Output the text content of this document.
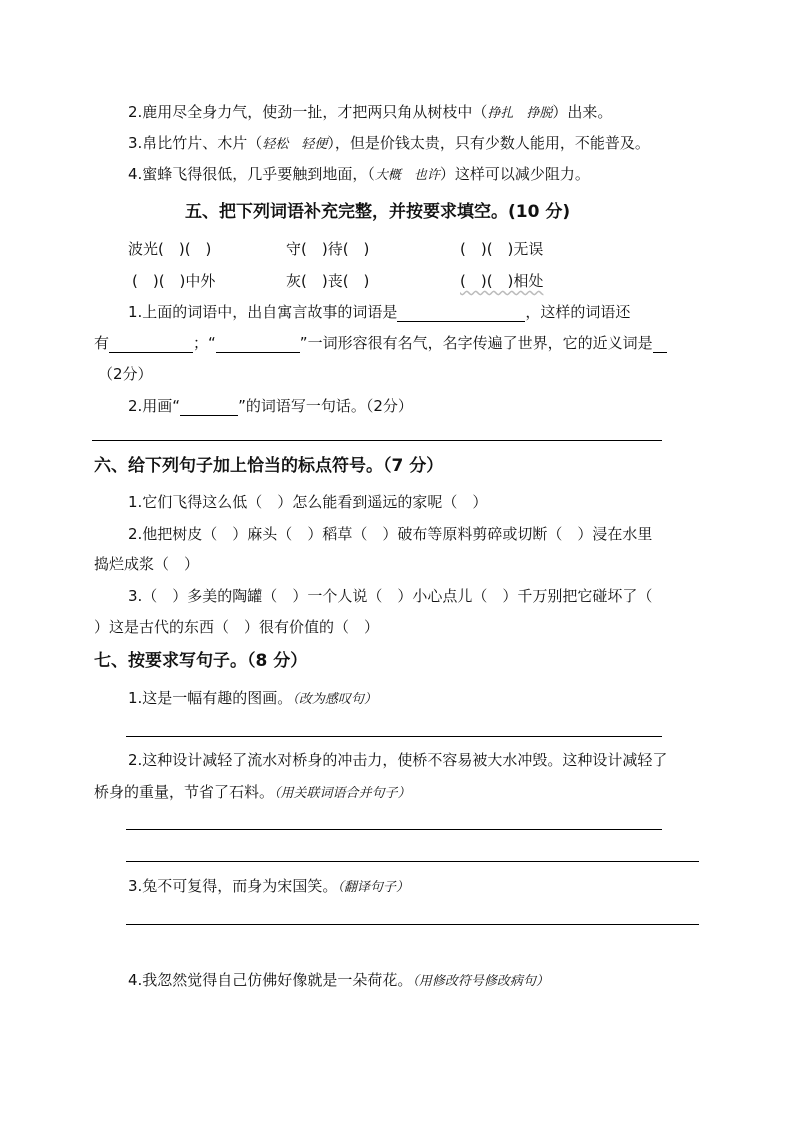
2.鹿用尽全身力气，使劲一扯，才把两只角从树枝中（挣扎　挣脱）出来。
3.帛比竹片、木片（轻松　轻便），但是价钱太贵，只有少数人能用，不能普及。
4.蜜蜂飞得很低，几乎要触到地面，（大概　也许）这样可以减少阻力。
五、把下列词语补充完整，并按要求填空。(10 分)
波光(　)(　)	守(　)待(　)	(　)(　)无误
(　)(　)中外	灰(　)丧(　)	(　)(　)相处
1.上面的词语中，出自寓言故事的词语是	，这样的词语还
有	；“	”一词形容很有名气，名字传遍了世界，它的近义词是
（2分）
2.用画“	”的词语写一句话。（2分）
六、给下列句子加上恰当的标点符号。（7 分）
1.它们飞得这么低（　）怎么能看到遥远的家呢（　）
2.他把树皮（　）麻头（　）稻草（　）破布等原料剪碎或切断（　）浸在水里
捣烂成浆（　）
3.（　）多美的陶罐（　）一个人说（　）小心点儿（　）千万别把它碰坏了（
）这是古代的东西（　）很有价值的（　）
七、按要求写句子。（8 分）
1.这是一幅有趣的图画。（改为感叹句）
2.这种设计减轻了流水对桥身的冲击力，使桥不容易被大水冲毁。这种设计减轻了
桥身的重量，节省了石料。（用关联词语合并句子）
3.兔不可复得，而身为宋国笑。（翻译句子）
4.我忽然觉得自己仿佛好像就是一朵荷花。（用修改符号修改病句）
